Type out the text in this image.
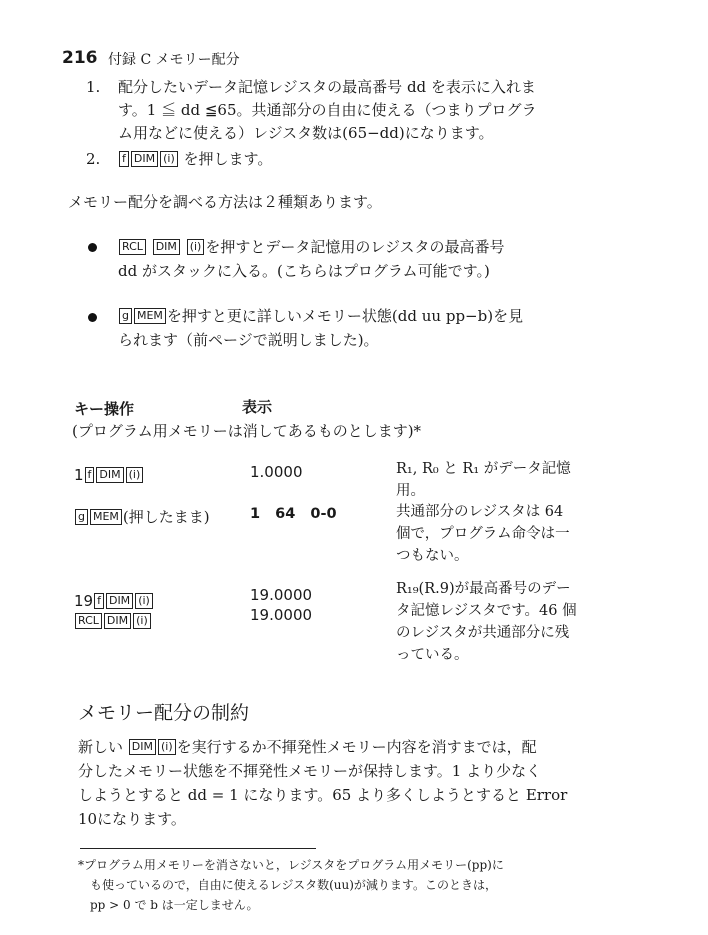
216 付録 C メモリー配分
1. 配分したいデータ記憶レジスタの最高番号 dd を表示に入れま
す。1 ≦ dd ≦65。共通部分の自由に使える（つまりプログラ
ム用などに使える）レジスタ数は(65−dd)になります。
2.	f DIM (i) を押します。
メモリー配分を調べる方法は２種類あります。
RCL DIM (i) を押すとデータ記憶用のレジスタの最高番号
dd がスタックに入る。(こちらはプログラム可能です。)
g MEM を押すと更に詳しいメモリー状態(dd uu pp−b)を見
られます（前ページで説明しました)。
キー操作	表示
(プログラム用メモリーは消してあるものとします)*
1 f DIM (i)	1.0000	R₁, R₀ と R₁ がデータ記憶
用。
g MEM (押したまま)	1 64 0-0	共通部分のレジスタは 64
個で，プログラム命令は一
つもない。
19 f DIM (i)	19.0000	R₁₉(R.9)が最高番号のデー
タ記憶レジスタです。46 個
のレジスタが共通部分に残
っている。
RCL DIM (i)	19.0000
メモリー配分の制約
新しい DIM (i) を実行するか不揮発性メモリー内容を消すまでは，配
分したメモリー状態を不揮発性メモリーが保持します。1 より少なく
しようとすると dd = 1 になります。65 より多くしようとすると Error
10になります。
*プログラム用メモリーを消さないと，レジスタをプログラム用メモリー(pp)に
も使っているので，自由に使えるレジスタ数(uu)が減ります。このときは，
pp > 0 で b は一定しません。
